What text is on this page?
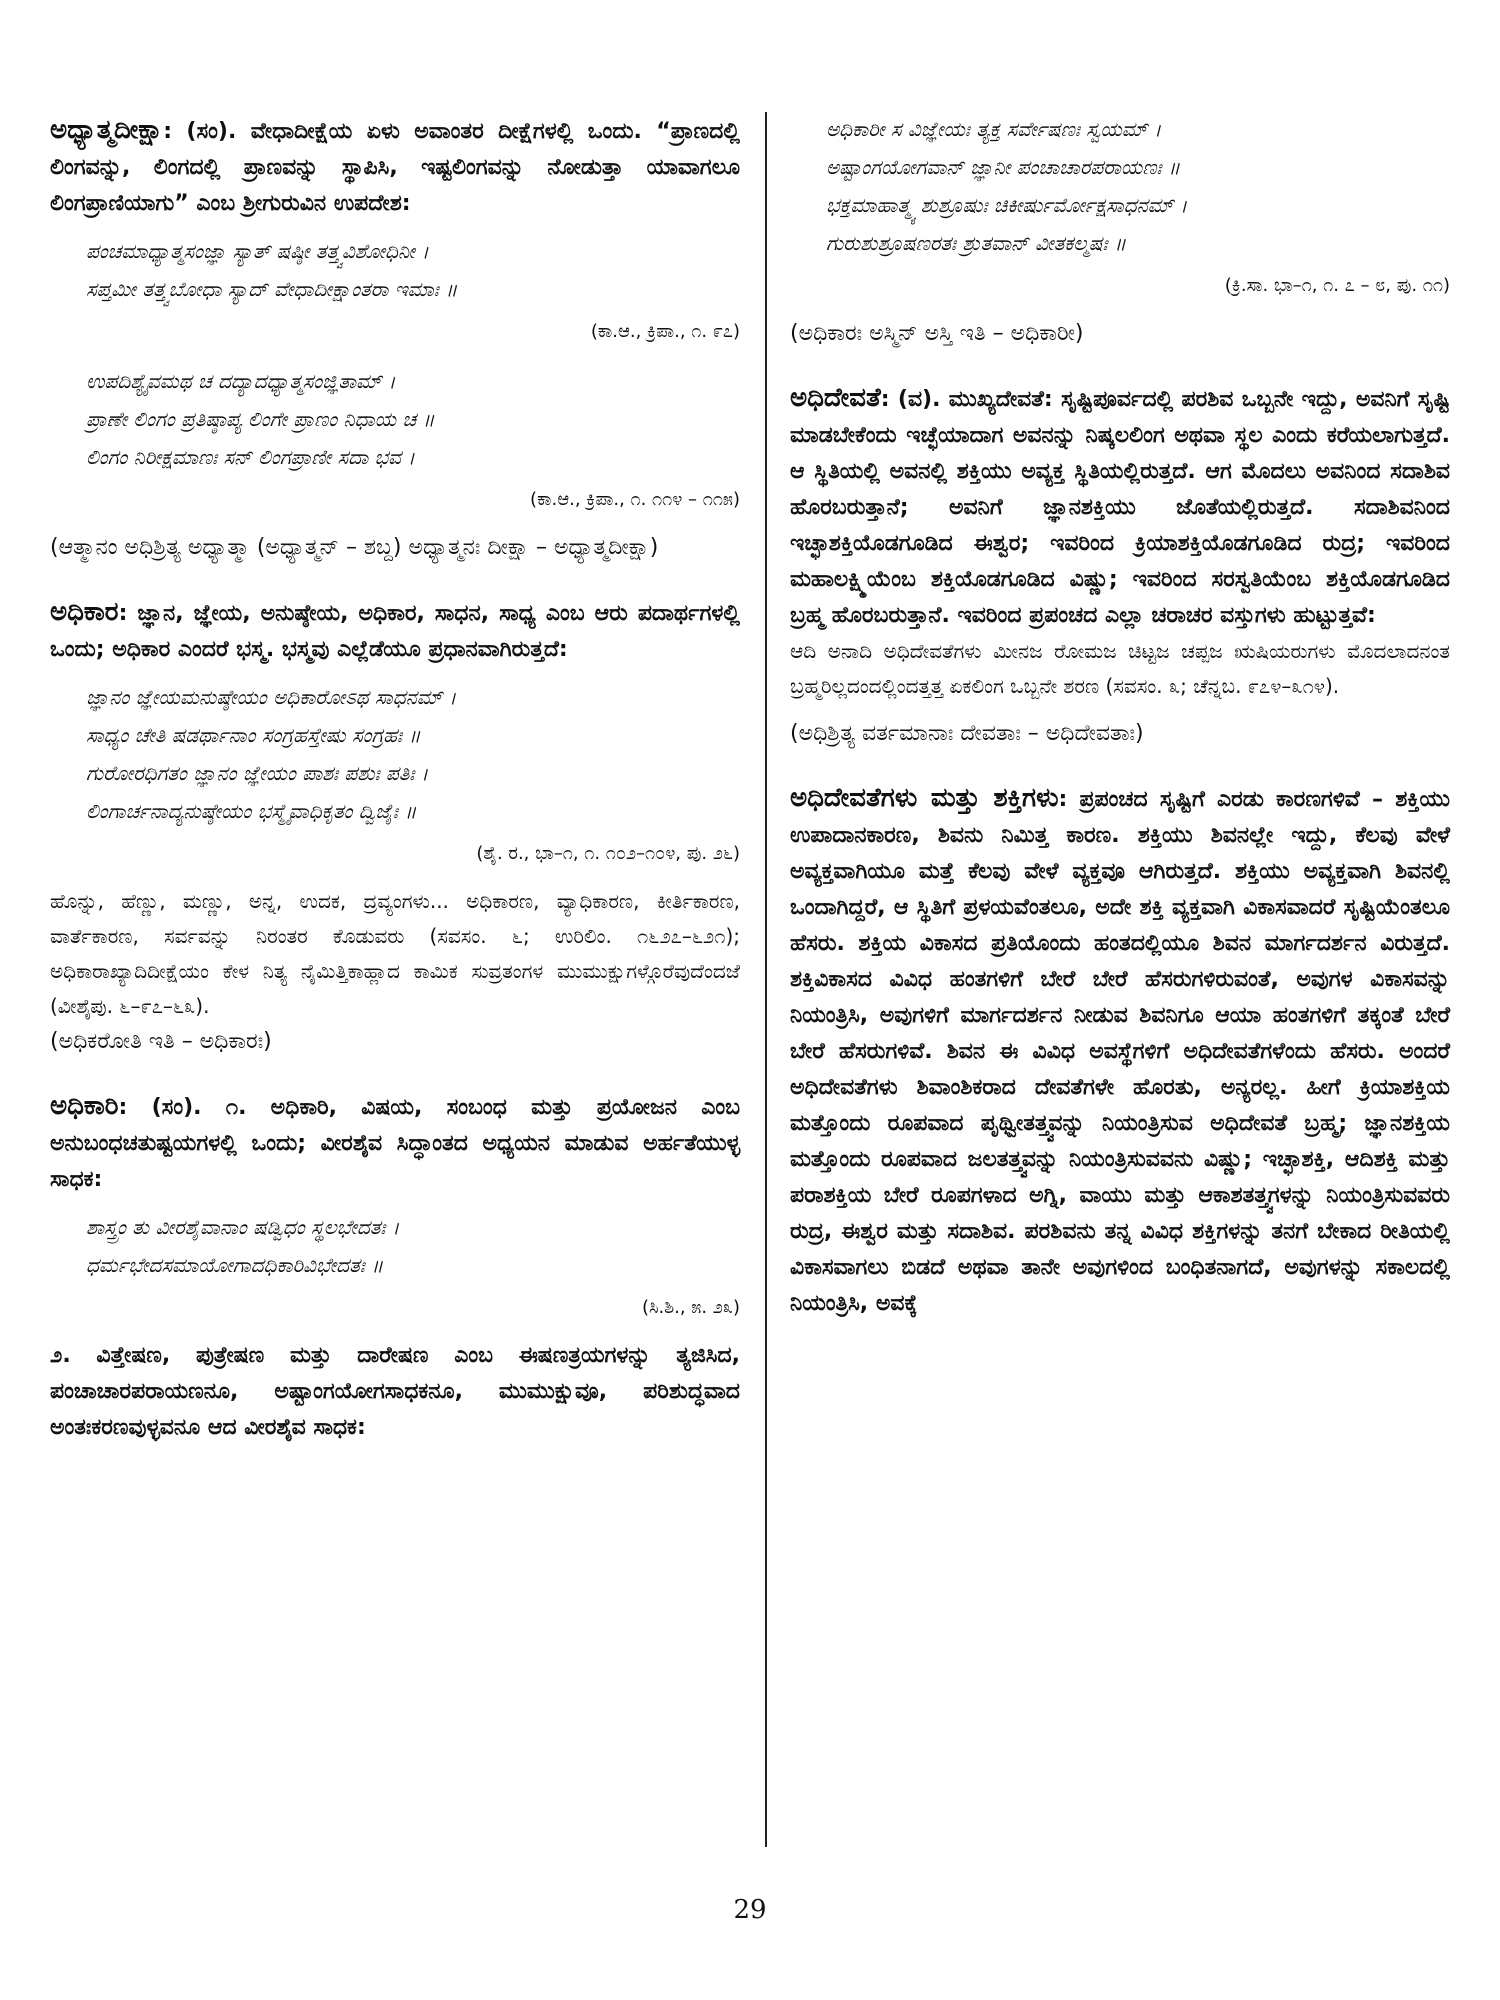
ಅಧ್ಯಾತ್ಮದೀಕ್ಷಾ: (ಸಂ). ವೇಧಾದೀಕ್ಷೆಯ ಏಳು ಅವಾಂತರ ದೀಕ್ಷೆಗಳಲ್ಲಿ ಒಂದು. “ಪ್ರಾಣದಲ್ಲಿ ಲಿಂಗವನ್ನು, ಲಿಂಗದಲ್ಲಿ ಪ್ರಾಣವನ್ನು ಸ್ಥಾಪಿಸಿ, ಇಷ್ಟಲಿಂಗವನ್ನು ನೋಡುತ್ತಾ ಯಾವಾಗಲೂ ಲಿಂಗಪ್ರಾಣಿಯಾಗು” ಎಂಬ ಶ್ರೀಗುರುವಿನ ಉಪದೇಶ:

ಪಂಚಮಾಧ್ಯಾತ್ಮಸಂಜ್ಞಾ ಸ್ಯಾತ್ ಷಷ್ಠೀ ತತ್ತ್ವವಿಶೋಧಿನೀ ।
ಸಪ್ತಮೀ ತತ್ತ್ವಬೋಧಾ ಸ್ಯಾದ್ ವೇಧಾದೀಕ್ಷಾಂತರಾ ಇಮಾಃ ॥
(ಕಾ.ಆ., ಕ್ರಿಪಾ., ೧. ೯೭)
ಉಪದಿಶ್ಯೈವಮಥ ಚ ದದ್ಯಾದಧ್ಯಾತ್ಮಸಂಜ್ಞಿತಾಮ್ ।
ಪ್ರಾಣೇ ಲಿಂಗಂ ಪ್ರತಿಷ್ಠಾಪ್ಯ ಲಿಂಗೇ ಪ್ರಾಣಂ ನಿಧಾಯ ಚ ॥
ಲಿಂಗಂ ನಿರೀಕ್ಷಮಾಣಃ ಸನ್ ಲಿಂಗಪ್ರಾಣೀ ಸದಾ ಭವ ।
(ಕಾ.ಆ., ಕ್ರಿಪಾ., ೧. ೧೧೪ – ೧೧೫)

(ಆತ್ಮಾನಂ ಅಧಿಶ್ರಿತ್ಯ ಅಧ್ಯಾತ್ಮಾ (ಅಧ್ಯಾತ್ಮನ್ – ಶಬ್ದ) ಅಧ್ಯಾತ್ಮನಃ ದೀಕ್ಷಾ – ಅಧ್ಯಾತ್ಮದೀಕ್ಷಾ)

ಅಧಿಕಾರ: ಜ್ಞಾನ, ಜ್ಞೇಯ, ಅನುಷ್ಠೇಯ, ಅಧಿಕಾರ, ಸಾಧನ, ಸಾಧ್ಯ ಎಂಬ ಆರು ಪದಾರ್ಥಗಳಲ್ಲಿ ಒಂದು; ಅಧಿಕಾರ ಎಂದರೆ ಭಸ್ಮ. ಭಸ್ಮವು ಎಲ್ಲೆಡೆಯೂ ಪ್ರಧಾನವಾಗಿರುತ್ತದೆ:

ಜ್ಞಾನಂ ಜ್ಞೇಯಮನುಷ್ಠೇಯಂ ಅಧಿಕಾರೋಽಥ ಸಾಧನಮ್ ।
ಸಾಧ್ಯಂ ಚೇತಿ ಷಡರ್ಥಾನಾಂ ಸಂಗ್ರಹಸ್ತೇಷು ಸಂಗ್ರಹಃ ॥
ಗುರೋರಧಿಗತಂ ಜ್ಞಾನಂ ಜ್ಞೇಯಂ ಪಾಶಃ ಪಶುಃ ಪತಿಃ ।
ಲಿಂಗಾರ್ಚನಾದ್ಯನುಷ್ಠೇಯಂ ಭಸ್ಮೈವಾಧಿಕೃತಂ ದ್ವಿಜೈಃ ॥
(ಶೈ. ರ., ಭಾ–೧, ೧. ೧೦೨–೧೦೪, ಪು. ೨೬)

ಹೊನ್ನು, ಹೆಣ್ಣು, ಮಣ್ಣು, ಅನ್ನ, ಉದಕ, ದ್ರವ್ಯಂಗಳು... ಅಧಿಕಾರಣ, ವ್ಯಾಧಿಕಾರಣ, ಕೀರ್ತಿಕಾರಣ, ವಾರ್ತೆಕಾರಣ, ಸರ್ವವನ್ನು ನಿರಂತರ ಕೊಡುವರು (ಸವಸಂ. ೬; ಉರಿಲಿಂ. ೧೬೨೭–೬೨೧); ಅಧಿಕಾರಾಖ್ಯಾದಿದೀಕ್ಷೆಯಂ ಕೇಳ ನಿತ್ಯ ನೈಮಿತ್ತಿಕಾಹ್ಲಾದ ಕಾಮಿಕ ಸುವ್ರತಂಗಳ ಮುಮುಕ್ಷುಗಳ್ಗೊರೆವುದೆಂದಜೆ (ವೀಶೈಪು. ೬–೯೭–೬೩).

(ಅಧಿಕರೋತಿ ಇತಿ – ಅಧಿಕಾರಃ)

ಅಧಿಕಾರಿ: (ಸಂ). ೧. ಅಧಿಕಾರಿ, ವಿಷಯ, ಸಂಬಂಧ ಮತ್ತು ಪ್ರಯೋಜನ ಎಂಬ ಅನುಬಂಧಚತುಷ್ಟಯಗಳಲ್ಲಿ ಒಂದು; ವೀರಶೈವ ಸಿದ್ಧಾಂತದ ಅಧ್ಯಯನ ಮಾಡುವ ಅರ್ಹತೆಯುಳ್ಳ ಸಾಧಕ:

ಶಾಸ್ತ್ರಂ ತು ವೀರಶೈವಾನಾಂ ಷಡ್ವಿಧಂ ಸ್ಥಲಭೇದತಃ ।
ಧರ್ಮಭೇದಸಮಾಯೋಗಾದಧಿಕಾರಿವಿಭೇದತಃ ॥
(ಸಿ.ಶಿ., ೫. ೨೩)

೨. ವಿತ್ತೇಷಣ, ಪುತ್ರೇಷಣ ಮತ್ತು ದಾರೇಷಣ ಎಂಬ ಈಷಣತ್ರಯಗಳನ್ನು ತ್ಯಜಿಸಿದ, ಪಂಚಾಚಾರಪರಾಯಣನೂ, ಅಷ್ಟಾಂಗಯೋಗಸಾಧಕನೂ, ಮುಮುಕ್ಷುವೂ, ಪರಿಶುದ್ಧವಾದ ಅಂತಃಕರಣವುಳ್ಳವನೂ ಆದ ವೀರಶೈವ ಸಾಧಕ:

ಅಧಿಕಾರೀ ಸ ವಿಜ್ಞೇಯಃ ತ್ಯಕ್ತ ಸರ್ವೇಷಣಃ ಸ್ವಯಮ್ ।
ಅಷ್ಟಾಂಗಯೋಗವಾನ್ ಜ್ಞಾನೀ ಪಂಚಾಚಾರಪರಾಯಣಃ ॥
ಭಕ್ತಮಾಹಾತ್ಮ್ಯ ಶುಶ್ರೂಷುಃ ಚಿಕೀರ್ಷುರ್ಮೋಕ್ಷಸಾಧನಮ್ ।
ಗುರುಶುಶ್ರೂಷಣರತಃ ಶ್ರುತವಾನ್ ವೀತಕಲ್ಮಷಃ ॥
(ಕ್ರಿ.ಸಾ. ಭಾ–೧, ೧. ೭ – ೮, ಪು. ೧೧)

(ಅಧಿಕಾರಃ ಅಸ್ಮಿನ್ ಅಸ್ತಿ ಇತಿ – ಅಧಿಕಾರೀ)

ಅಧಿದೇವತೆ: (ವ). ಮುಖ್ಯದೇವತೆ: ಸೃಷ್ಟಿಪೂರ್ವದಲ್ಲಿ ಪರಶಿವ ಒಬ್ಬನೇ ಇದ್ದು, ಅವನಿಗೆ ಸೃಷ್ಟಿ ಮಾಡಬೇಕೆಂದು ಇಚ್ಛೆಯಾದಾಗ ಅವನನ್ನು ನಿಷ್ಕಲಲಿಂಗ ಅಥವಾ ಸ್ಥಲ ಎಂದು ಕರೆಯಲಾಗುತ್ತದೆ. ಆ ಸ್ಥಿತಿಯಲ್ಲಿ ಅವನಲ್ಲಿ ಶಕ್ತಿಯು ಅವ್ಯಕ್ತ ಸ್ಥಿತಿಯಲ್ಲಿರುತ್ತದೆ. ಆಗ ಮೊದಲು ಅವನಿಂದ ಸದಾಶಿವ ಹೊರಬರುತ್ತಾನೆ; ಅವನಿಗೆ ಜ್ಞಾನಶಕ್ತಿಯು ಜೊತೆಯಲ್ಲಿರುತ್ತದೆ. ಸದಾಶಿವನಿಂದ ಇಚ್ಛಾಶಕ್ತಿಯೊಡಗೂಡಿದ ಈಶ್ವರ; ಇವರಿಂದ ಕ್ರಿಯಾಶಕ್ತಿಯೊಡಗೂಡಿದ ರುದ್ರ; ಇವರಿಂದ ಮಹಾಲಕ್ಷ್ಮಿಯೆಂಬ ಶಕ್ತಿಯೊಡಗೂಡಿದ ವಿಷ್ಣು; ಇವರಿಂದ ಸರಸ್ವತಿಯೆಂಬ ಶಕ್ತಿಯೊಡಗೂಡಿದ ಬ್ರಹ್ಮ ಹೊರಬರುತ್ತಾನೆ. ಇವರಿಂದ ಪ್ರಪಂಚದ ಎಲ್ಲಾ ಚರಾಚರ ವಸ್ತುಗಳು ಹುಟ್ಟುತ್ತವೆ:

ಆದಿ ಅನಾದಿ ಅಧಿದೇವತೆಗಳು ಮೀನಜ ರೋಮಜ ಚಿಟ್ಟಜ ಚಪ್ಪಜ ಋಷಿಯರುಗಳು ಮೊದಲಾದನಂತ ಬ್ರಹ್ಮರಿಲ್ಲದಂದಲ್ಲಿಂದತ್ತತ್ತ ಏಕಲಿಂಗ ಒಬ್ಬನೇ ಶರಣ (ಸವಸಂ. ೩; ಚೆನ್ನಬ. ೯೭೪–೩೧೪).

(ಅಧಿಶ್ರಿತ್ಯ ವರ್ತಮಾನಾಃ ದೇವತಾಃ – ಅಧಿದೇವತಾಃ)

ಅಧಿದೇವತೆಗಳು ಮತ್ತು ಶಕ್ತಿಗಳು: ಪ್ರಪಂಚದ ಸೃಷ್ಟಿಗೆ ಎರಡು ಕಾರಣಗಳಿವೆ – ಶಕ್ತಿಯು ಉಪಾದಾನಕಾರಣ, ಶಿವನು ನಿಮಿತ್ತ ಕಾರಣ. ಶಕ್ತಿಯು ಶಿವನಲ್ಲೇ ಇದ್ದು, ಕೆಲವು ವೇಳೆ ಅವ್ಯಕ್ತವಾಗಿಯೂ ಮತ್ತೆ ಕೆಲವು ವೇಳೆ ವ್ಯಕ್ತವೂ ಆಗಿರುತ್ತದೆ. ಶಕ್ತಿಯು ಅವ್ಯಕ್ತವಾಗಿ ಶಿವನಲ್ಲಿ ಒಂದಾಗಿದ್ದರೆ, ಆ ಸ್ಥಿತಿಗೆ ಪ್ರಳಯವೆಂತಲೂ, ಅದೇ ಶಕ್ತಿ ವ್ಯಕ್ತವಾಗಿ ವಿಕಾಸವಾದರೆ ಸೃಷ್ಟಿಯೆಂತಲೂ ಹೆಸರು. ಶಕ್ತಿಯ ವಿಕಾಸದ ಪ್ರತಿಯೊಂದು ಹಂತದಲ್ಲಿಯೂ ಶಿವನ ಮಾರ್ಗದರ್ಶನ ವಿರುತ್ತದೆ. ಶಕ್ತಿವಿಕಾಸದ ವಿವಿಧ ಹಂತಗಳಿಗೆ ಬೇರೆ ಬೇರೆ ಹೆಸರುಗಳಿರುವಂತೆ, ಅವುಗಳ ವಿಕಾಸವನ್ನು ನಿಯಂತ್ರಿಸಿ, ಅವುಗಳಿಗೆ ಮಾರ್ಗದರ್ಶನ ನೀಡುವ ಶಿವನಿಗೂ ಆಯಾ ಹಂತಗಳಿಗೆ ತಕ್ಕಂತೆ ಬೇರೆ ಬೇರೆ ಹೆಸರುಗಳಿವೆ. ಶಿವನ ಈ ವಿವಿಧ ಅವಸ್ಥೆಗಳಿಗೆ ಅಧಿದೇವತೆಗಳೆಂದು ಹೆಸರು. ಅಂದರೆ ಅಧಿದೇವತೆಗಳು ಶಿವಾಂಶಿಕರಾದ ದೇವತೆಗಳೇ ಹೊರತು, ಅನ್ಯರಲ್ಲ. ಹೀಗೆ ಕ್ರಿಯಾಶಕ್ತಿಯ ಮತ್ತೊಂದು ರೂಪವಾದ ಪೃಥ್ವೀತತ್ತ್ವವನ್ನು ನಿಯಂತ್ರಿಸುವ ಅಧಿದೇವತೆ ಬ್ರಹ್ಮ; ಜ್ಞಾನಶಕ್ತಿಯ ಮತ್ತೊಂದು ರೂಪವಾದ ಜಲತತ್ತ್ವವನ್ನು ನಿಯಂತ್ರಿಸುವವನು ವಿಷ್ಣು; ಇಚ್ಛಾಶಕ್ತಿ, ಆದಿಶಕ್ತಿ ಮತ್ತು ಪರಾಶಕ್ತಿಯ ಬೇರೆ ರೂಪಗಳಾದ ಅಗ್ನಿ, ವಾಯು ಮತ್ತು ಆಕಾಶತತ್ತ್ವಗಳನ್ನು ನಿಯಂತ್ರಿಸುವವರು ರುದ್ರ, ಈಶ್ವರ ಮತ್ತು ಸದಾಶಿವ. ಪರಶಿವನು ತನ್ನ ವಿವಿಧ ಶಕ್ತಿಗಳನ್ನು ತನಗೆ ಬೇಕಾದ ರೀತಿಯಲ್ಲಿ ವಿಕಾಸವಾಗಲು ಬಿಡದೆ ಅಥವಾ ತಾನೇ ಅವುಗಳಿಂದ ಬಂಧಿತನಾಗದೆ, ಅವುಗಳನ್ನು ಸಕಾಲದಲ್ಲಿ ನಿಯಂತ್ರಿಸಿ, ಅವಕ್ಕೆ

29
